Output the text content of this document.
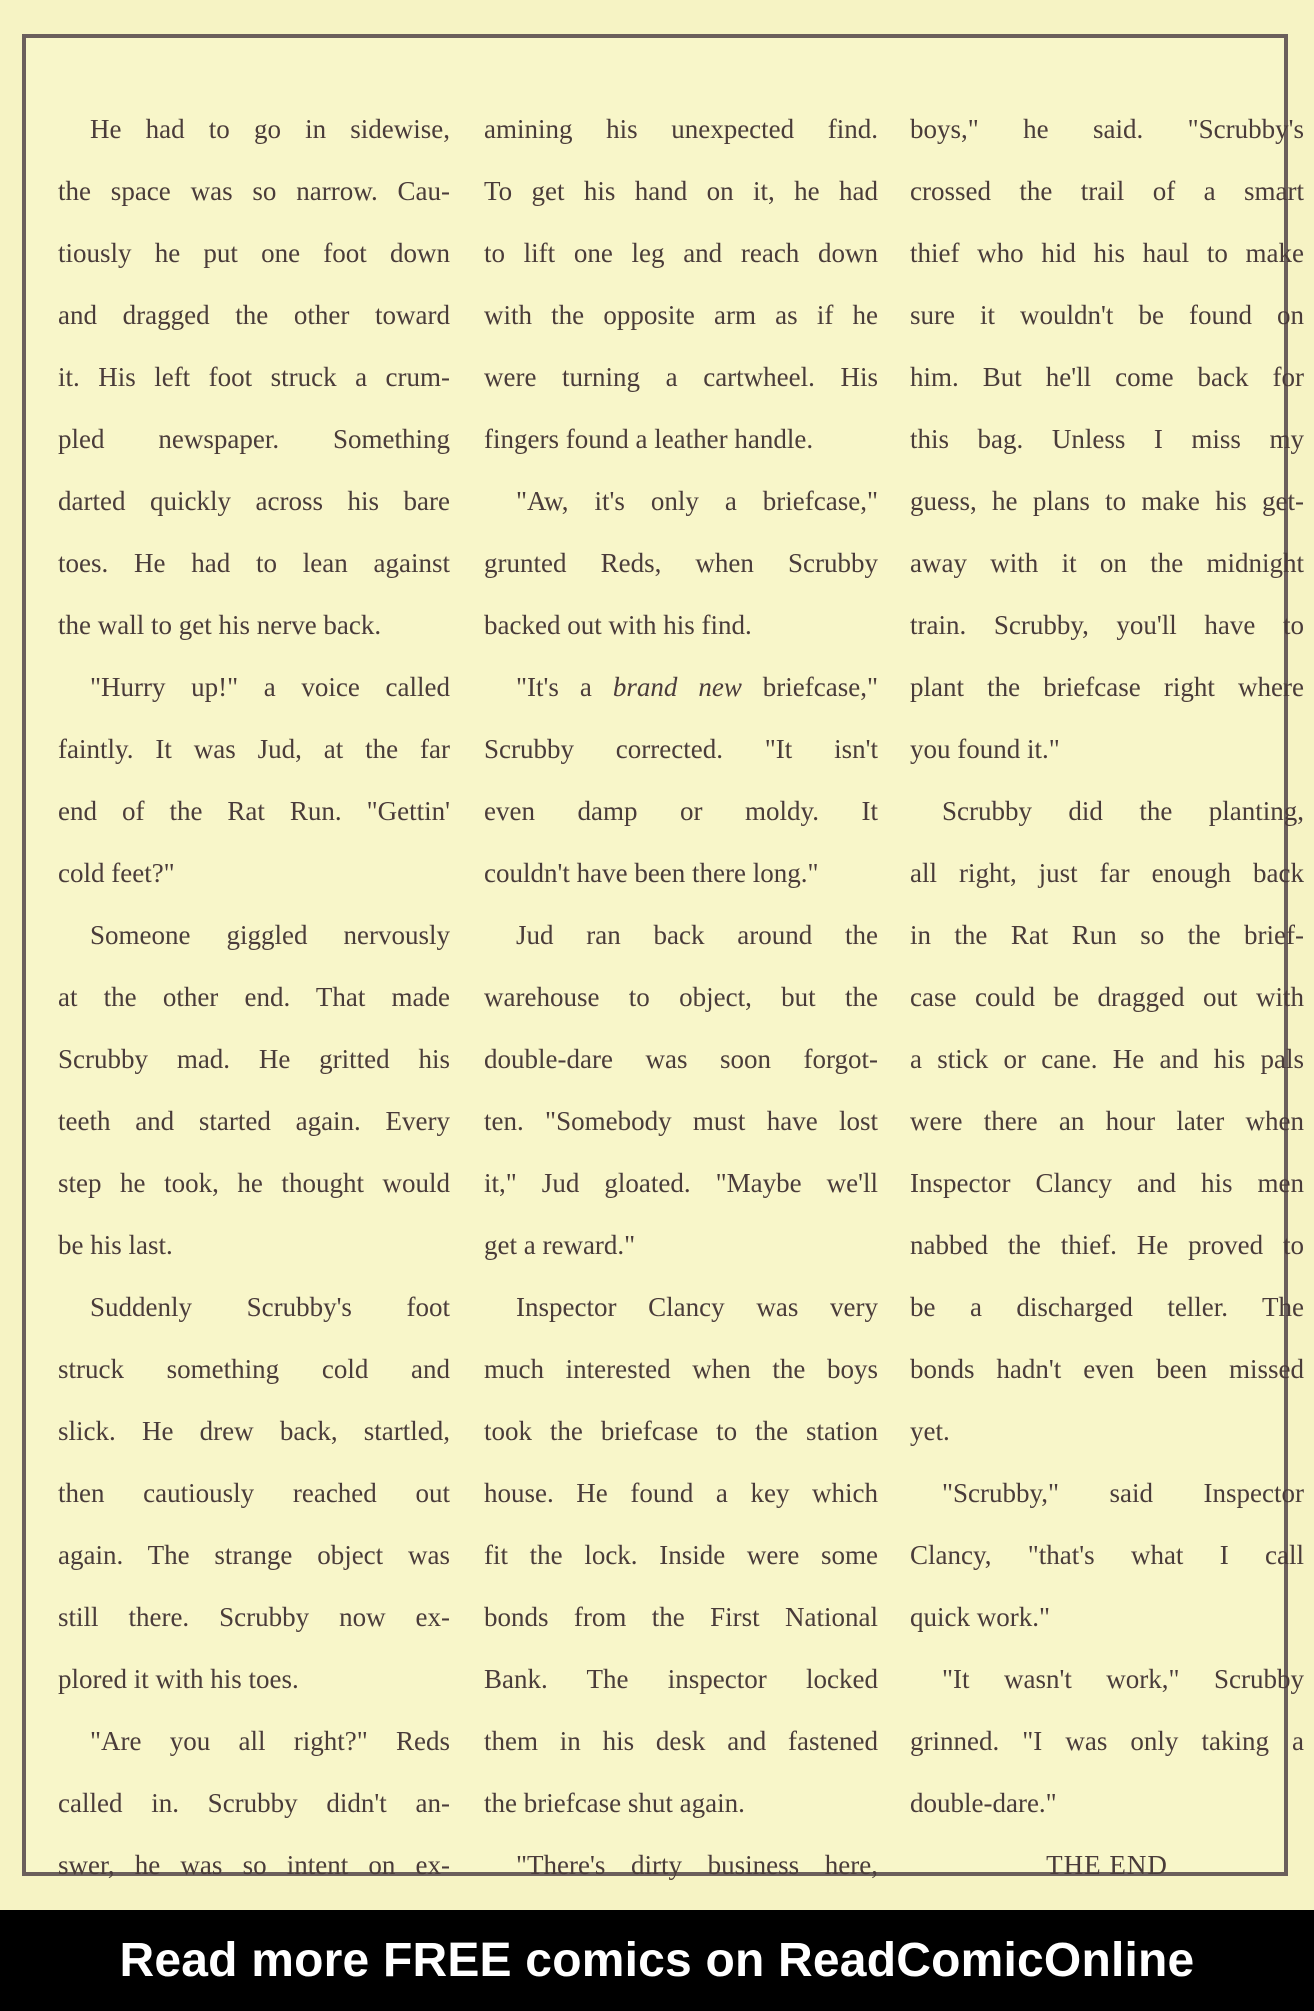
He had to go in sidewise,
the space was so narrow. Cau-
tiously he put one foot down
and dragged the other toward
it. His left foot struck a crum-
pled newspaper. Something
darted quickly across his bare
toes. He had to lean against
the wall to get his nerve back.
"Hurry up!" a voice called
faintly. It was Jud, at the far
end of the Rat Run. "Gettin'
cold feet?"
Someone giggled nervously
at the other end. That made
Scrubby mad. He gritted his
teeth and started again. Every
step he took, he thought would
be his last.
Suddenly Scrubby's foot
struck something cold and
slick. He drew back, startled,
then cautiously reached out
again. The strange object was
still there. Scrubby now ex-
plored it with his toes.
"Are you all right?" Reds
called in. Scrubby didn't an-
swer, he was so intent on ex-
amining his unexpected find.
To get his hand on it, he had
to lift one leg and reach down
with the opposite arm as if he
were turning a cartwheel. His
fingers found a leather handle.
"Aw, it's only a briefcase,"
grunted Reds, when Scrubby
backed out with his find.
"It's a brand new briefcase,"
Scrubby corrected. "It isn't
even damp or moldy. It
couldn't have been there long."
Jud ran back around the
warehouse to object, but the
double-dare was soon forgot-
ten. "Somebody must have lost
it," Jud gloated. "Maybe we'll
get a reward."
Inspector Clancy was very
much interested when the boys
took the briefcase to the station
house. He found a key which
fit the lock. Inside were some
bonds from the First National
Bank. The inspector locked
them in his desk and fastened
the briefcase shut again.
"There's dirty business here,
boys," he said. "Scrubby's
crossed the trail of a smart
thief who hid his haul to make
sure it wouldn't be found on
him. But he'll come back for
this bag. Unless I miss my
guess, he plans to make his get-
away with it on the midnight
train. Scrubby, you'll have to
plant the briefcase right where
you found it."
Scrubby did the planting,
all right, just far enough back
in the Rat Run so the brief-
case could be dragged out with
a stick or cane. He and his pals
were there an hour later when
Inspector Clancy and his men
nabbed the thief. He proved to
be a discharged teller. The
bonds hadn't even been missed
yet.
"Scrubby," said Inspector
Clancy, "that's what I call
quick work."
"It wasn't work," Scrubby
grinned. "I was only taking a
double-dare."
THE END
Read more FREE comics on ReadComicOnline
